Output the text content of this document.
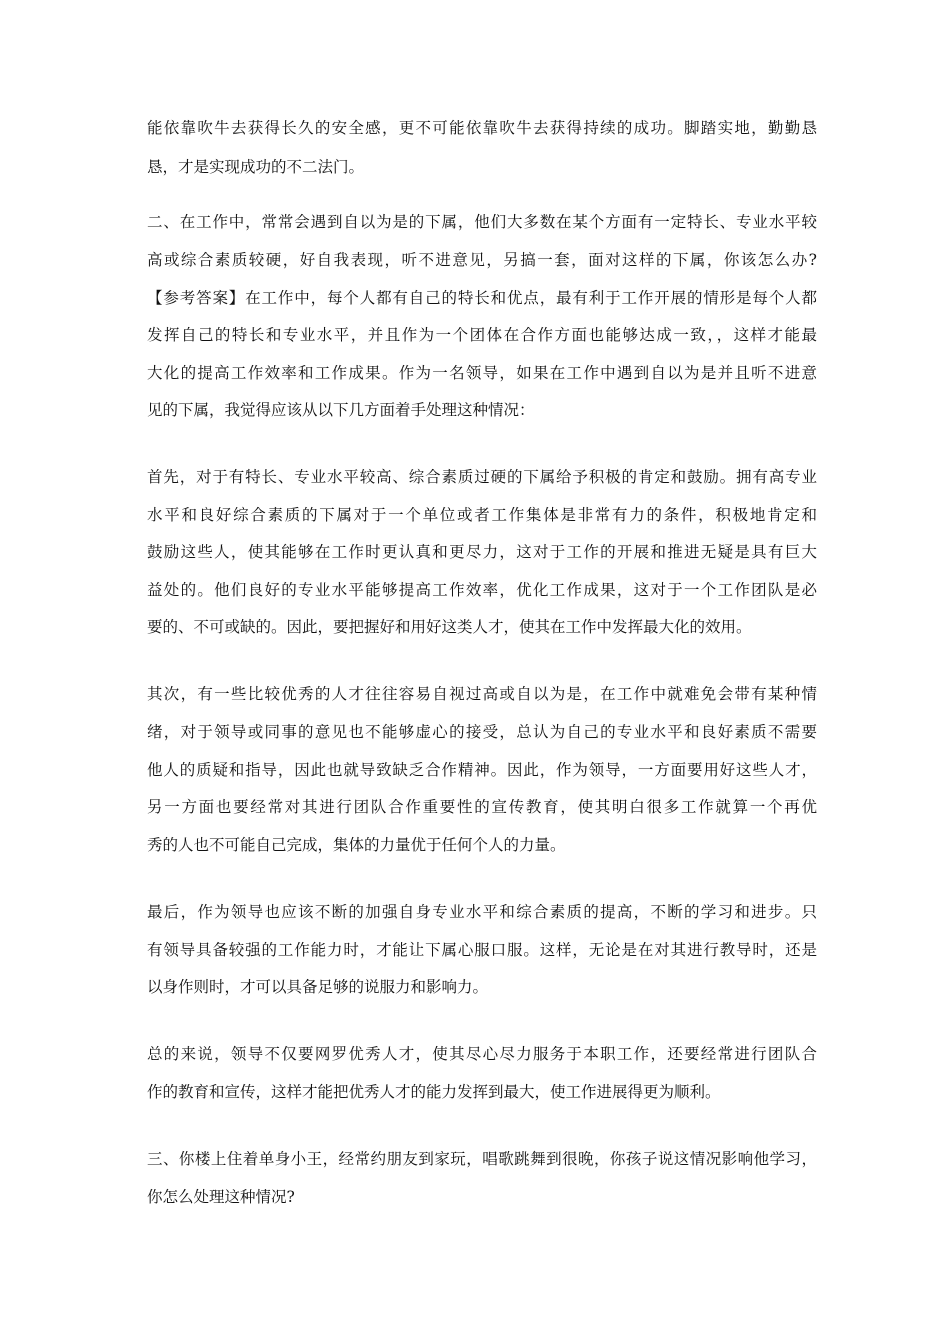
能依靠吹牛去获得长久的安全感，更不可能依靠吹牛去获得持续的成功。脚踏实地，勤勤恳
恳，才是实现成功的不二法门。
二、在工作中，常常会遇到自以为是的下属，他们大多数在某个方面有一定特长、专业水平较
高或综合素质较硬，好自我表现，听不进意见，另搞一套，面对这样的下属，你该怎么办?
【参考答案】在工作中，每个人都有自己的特长和优点，最有利于工作开展的情形是每个人都
发挥自己的特长和专业水平，并且作为一个团体在合作方面也能够达成一致，，这样才能最
大化的提高工作效率和工作成果。作为一名领导，如果在工作中遇到自以为是并且听不进意
见的下属，我觉得应该从以下几方面着手处理这种情况：
首先，对于有特长、专业水平较高、综合素质过硬的下属给予积极的肯定和鼓励。拥有高专业
水平和良好综合素质的下属对于一个单位或者工作集体是非常有力的条件，积极地肯定和
鼓励这些人，使其能够在工作时更认真和更尽力，这对于工作的开展和推进无疑是具有巨大
益处的。他们良好的专业水平能够提高工作效率，优化工作成果，这对于一个工作团队是必
要的、不可或缺的。因此，要把握好和用好这类人才，使其在工作中发挥最大化的效用。
其次，有一些比较优秀的人才往往容易自视过高或自以为是，在工作中就难免会带有某种情
绪，对于领导或同事的意见也不能够虚心的接受，总认为自己的专业水平和良好素质不需要
他人的质疑和指导，因此也就导致缺乏合作精神。因此，作为领导，一方面要用好这些人才，
另一方面也要经常对其进行团队合作重要性的宣传教育，使其明白很多工作就算一个再优
秀的人也不可能自己完成，集体的力量优于任何个人的力量。
最后，作为领导也应该不断的加强自身专业水平和综合素质的提高，不断的学习和进步。只
有领导具备较强的工作能力时，才能让下属心服口服。这样，无论是在对其进行教导时，还是
以身作则时，才可以具备足够的说服力和影响力。
总的来说，领导不仅要网罗优秀人才，使其尽心尽力服务于本职工作，还要经常进行团队合
作的教育和宣传，这样才能把优秀人才的能力发挥到最大，使工作进展得更为顺利。
三、你楼上住着单身小王，经常约朋友到家玩，唱歌跳舞到很晚，你孩子说这情况影响他学习，
你怎么处理这种情况?
